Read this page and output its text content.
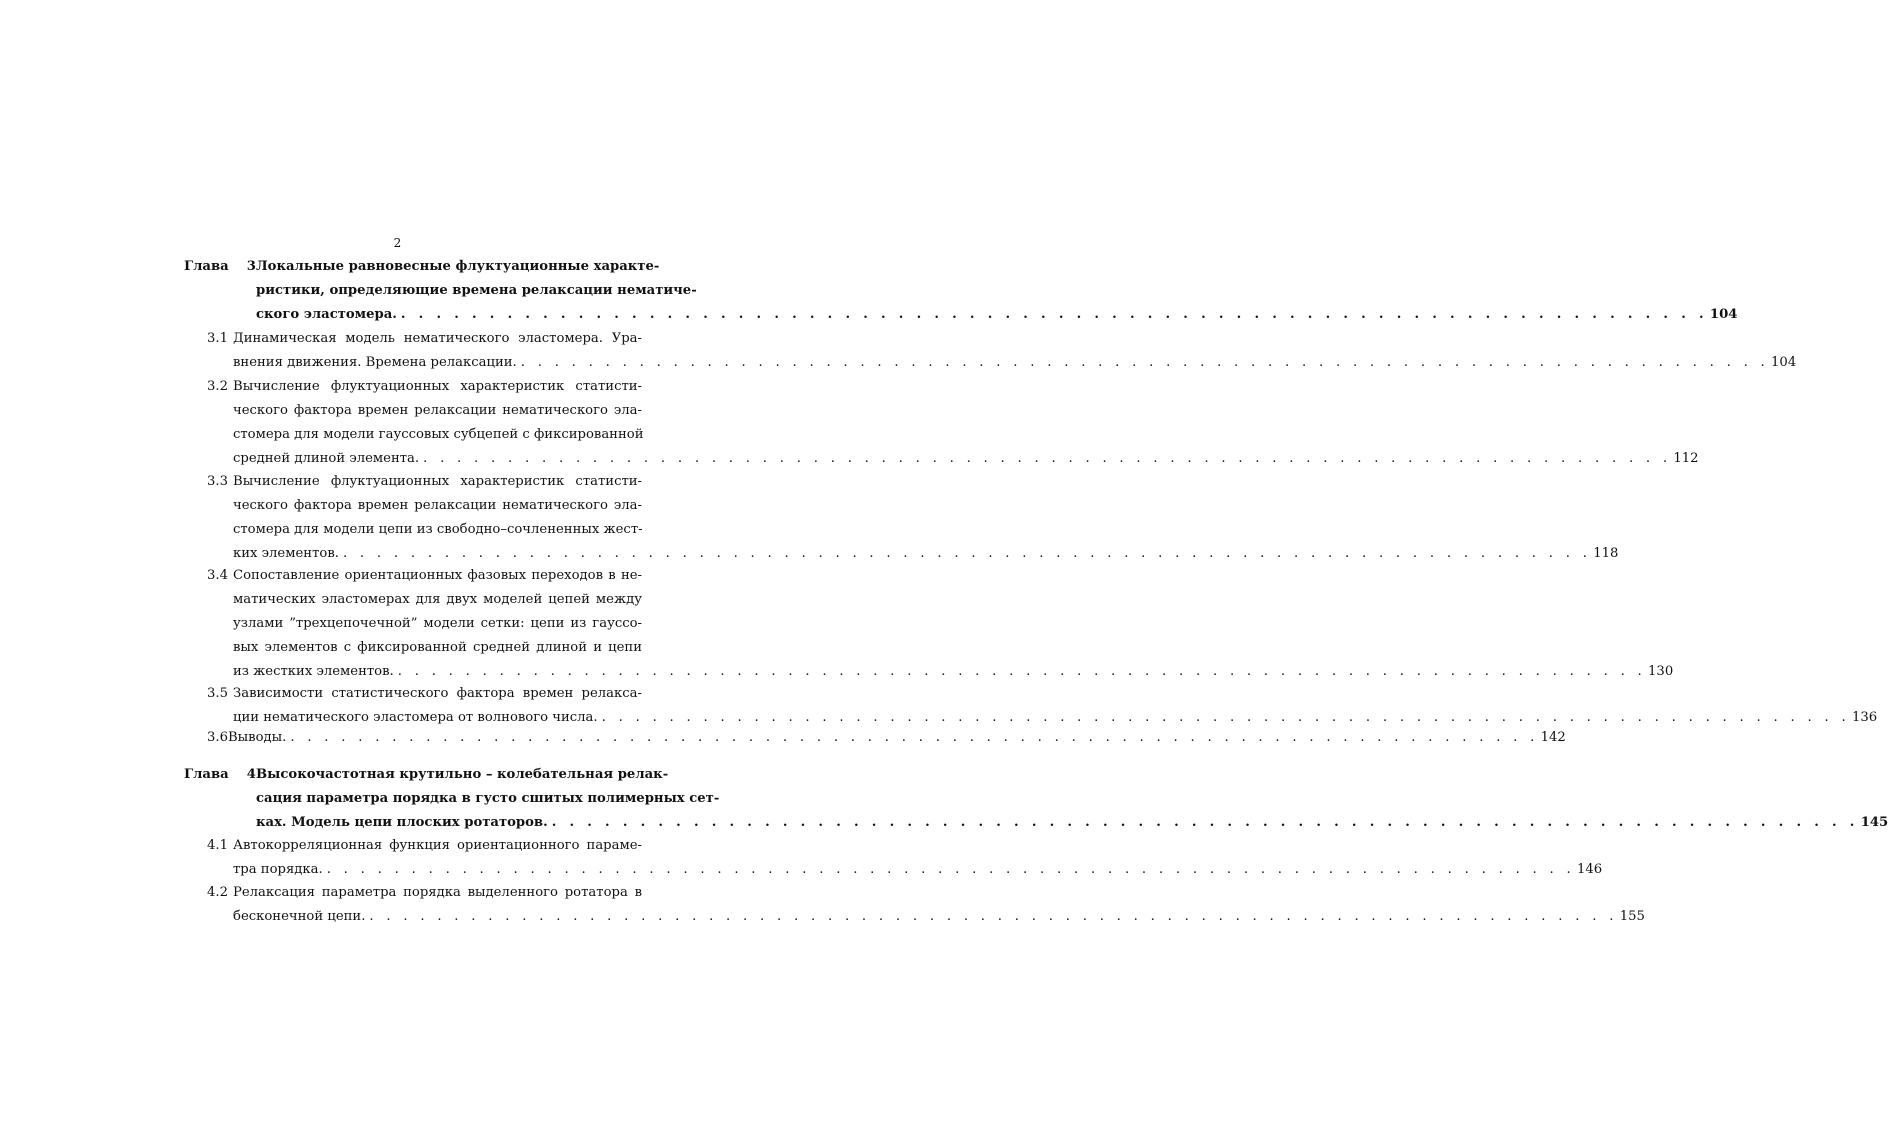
2
Глава 3Локальные равновесные флуктуационные характе-
ристики, определяющие времена релаксации нематиче-
ского эластомера. . . .	104
3.1 Динамическая модель нематического эластомера. Ура-
внения движения. Времена релаксации. . . .	104
3.2 Вычисление флуктуационных характеристик статисти-
ческого фактора времен релаксации нематического эла-
стомера для модели гауссовых субцепей с фиксированной
средней длиной элемента. . . .	112
3.3 Вычисление флуктуационных характеристик статисти-
ческого фактора времен релаксации нематического эла-
стомера для модели цепи из свободно–сочлененных жест-
ких элементов. . . .	118
3.4 Сопоставление ориентационных фазовых переходов в не-
матических эластомерах для двух моделей цепей между
узлами ”трехцепочечной” модели сетки: цепи из гауссо-
вых элементов с фиксированной средней длиной и цепи
из жестких элементов. . . .	130
3.5 Зависимости статистического фактора времен релакса-
ции нематического эластомера от волнового числа. . . .	136
3.6 Выводы. . . .	142
Глава 4Высокочастотная крутильно – колебательная релак-
сация параметра порядка в густо сшитых полимерных сет-
ках. Модель цепи плоских ротаторов. . . .	145
4.1 Автокорреляционная функция ориентационного параме-
тра порядка. . . .	146
4.2 Релаксация параметра порядка выделенного ротатора в
бесконечной цепи. . . .	155
